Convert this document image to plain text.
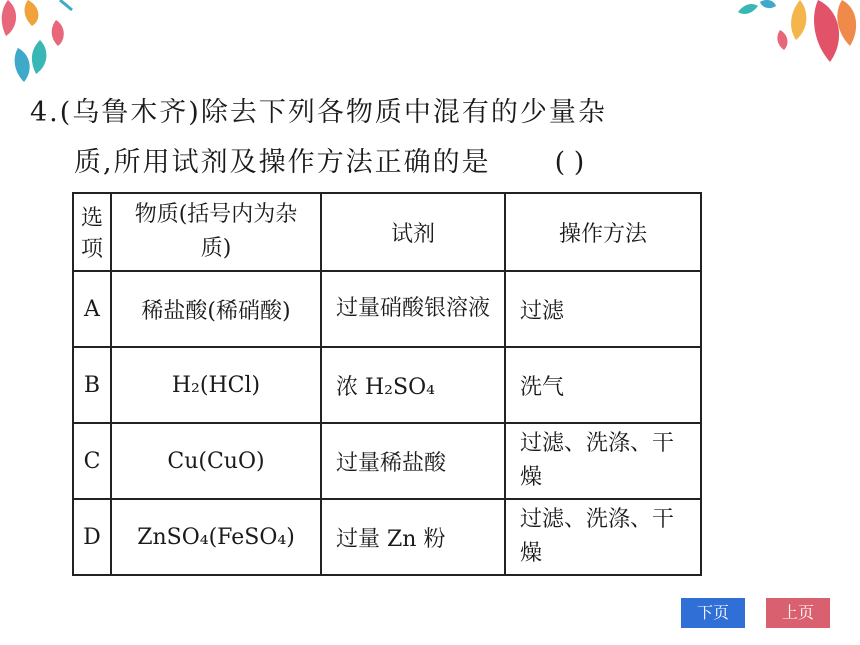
4.(乌鲁木齐)除去下列各物质中混有的少量杂
质,所用试剂及操作方法正确的是 ( )
选项	物质(括号内为杂质)	试剂	操作方法
A	稀盐酸(稀硝酸)	过量硝酸银溶液	过滤
B	H₂(HCl)	浓 H₂SO₄	洗气
C	Cu(CuO)	过量稀盐酸	过滤、洗涤、干燥
D	ZnSO₄(FeSO₄)	过量 Zn 粉	过滤、洗涤、干燥
下页	上页
